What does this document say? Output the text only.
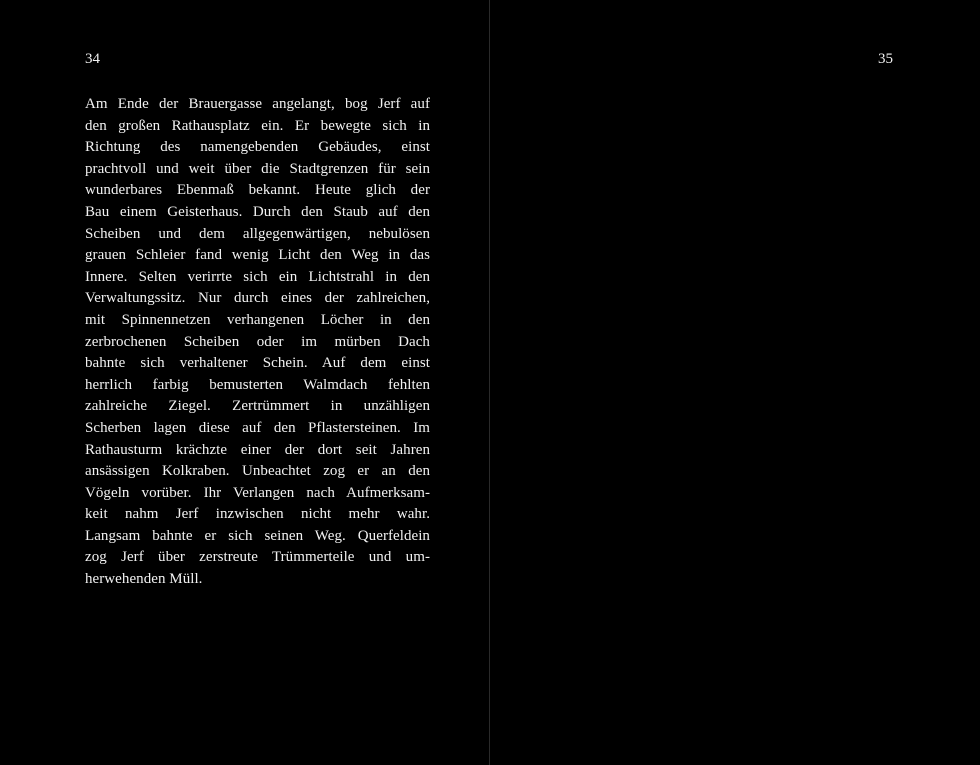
34
Am Ende der Brauergasse angelangt, bog Jerf auf
den großen Rathausplatz ein. Er bewegte sich in
Richtung des namengebenden Gebäudes, einst
prachtvoll und weit über die Stadtgrenzen für sein
wunderbares Ebenmaß bekannt. Heute glich der
Bau einem Geisterhaus. Durch den Staub auf den
Scheiben und dem allgegenwärtigen, nebulösen
grauen Schleier fand wenig Licht den Weg in das
Innere. Selten verirrte sich ein Lichtstrahl in den
Verwaltungssitz. Nur durch eines der zahlreichen,
mit Spinnennetzen verhangenen Löcher in den
zerbrochenen Scheiben oder im mürben Dach
bahnte sich verhaltener Schein. Auf dem einst
herrlich farbig bemusterten Walmdach fehlten
zahlreiche Ziegel. Zertrümmert in unzähligen
Scherben lagen diese auf den Pflastersteinen. Im
Rathausturm krächzte einer der dort seit Jahren
ansässigen Kolkraben. Unbeachtet zog er an den
Vögeln vorüber. Ihr Verlangen nach Aufmerksam-
keit nahm Jerf inzwischen nicht mehr wahr.
Langsam bahnte er sich seinen Weg. Querfeldein
zog Jerf über zerstreute Trümmerteile und um-
herwehenden Müll.
35
